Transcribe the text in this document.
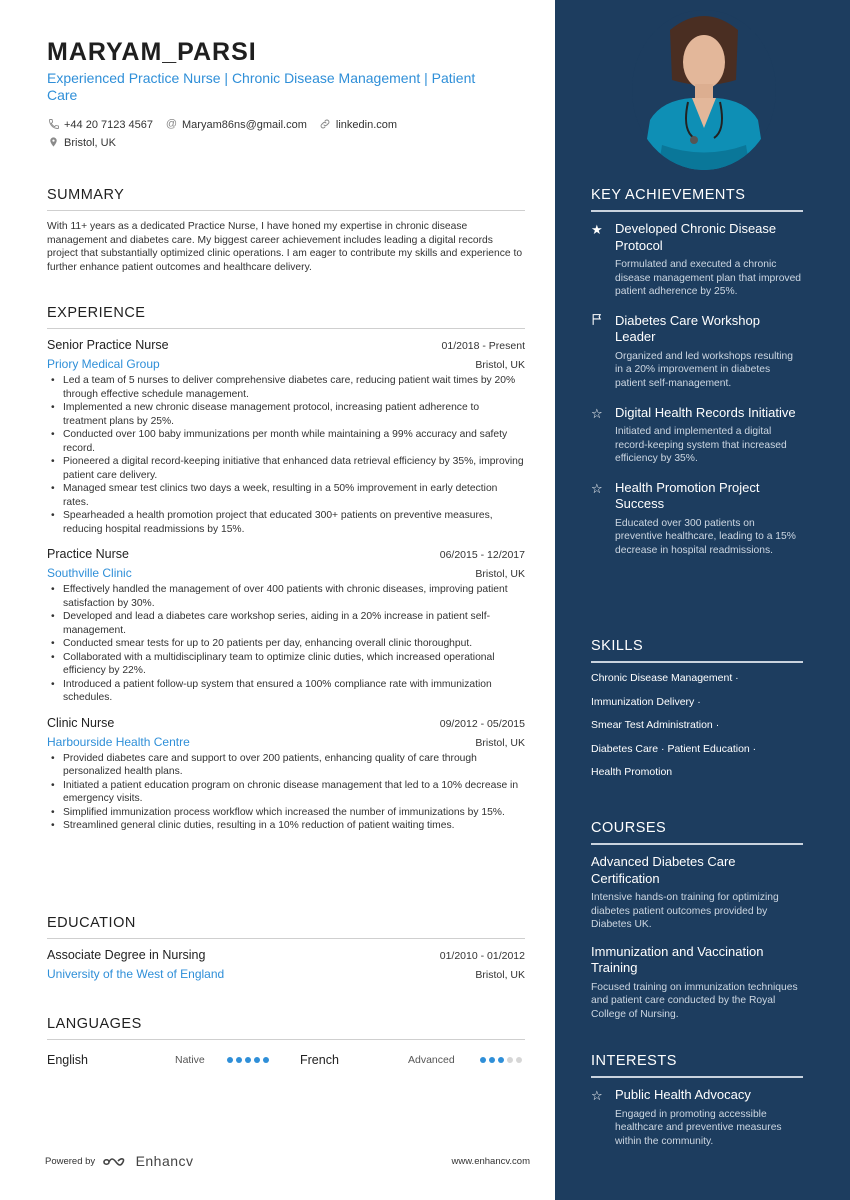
MARYAM_PARSI
Experienced Practice Nurse | Chronic Disease Management | Patient Care
+44 20 7123 4567 @ Maryam86ns@gmail.com	linkedin.com
Bristol, UK
SUMMARY
With 11+ years as a dedicated Practice Nurse, I have honed my expertise in chronic disease management and diabetes care. My biggest career achievement includes leading a digital records project that substantially optimized clinic operations. I am eager to contribute my skills and experience to further enhance patient outcomes and healthcare delivery.
EXPERIENCE
Senior Practice Nurse	01/2018 - Present
Priory Medical Group	Bristol, UK
• Led a team of 5 nurses to deliver comprehensive diabetes care, reducing patient wait times by 20% through effective schedule management.
• Implemented a new chronic disease management protocol, increasing patient adherence to treatment plans by 25%.
• Conducted over 100 baby immunizations per month while maintaining a 99% accuracy and safety record.
• Pioneered a digital record-keeping initiative that enhanced data retrieval efficiency by 35%, improving patient care delivery.
• Managed smear test clinics two days a week, resulting in a 50% improvement in early detection rates.
• Spearheaded a health promotion project that educated 300+ patients on preventive measures, reducing hospital readmissions by 15%.
Practice Nurse	06/2015 - 12/2017
Southville Clinic	Bristol, UK
• Effectively handled the management of over 400 patients with chronic diseases, improving patient satisfaction by 30%.
• Developed and lead a diabetes care workshop series, aiding in a 20% increase in patient self-management.
• Conducted smear tests for up to 20 patients per day, enhancing overall clinic thoroughput.
• Collaborated with a multidisciplinary team to optimize clinic duties, which increased operational efficiency by 22%.
• Introduced a patient follow-up system that ensured a 100% compliance rate with immunization schedules.
Clinic Nurse	09/2012 - 05/2015
Harbourside Health Centre	Bristol, UK
• Provided diabetes care and support to over 200 patients, enhancing quality of care through personalized health plans.
• Initiated a patient education program on chronic disease management that led to a 10% decrease in emergency visits.
• Simplified immunization process workflow which increased the number of immunizations by 15%.
• Streamlined general clinic duties, resulting in a 10% reduction of patient waiting times.
EDUCATION
Associate Degree in Nursing	01/2010 - 01/2012
University of the West of England	Bristol, UK
LANGUAGES
English	Native	French	Advanced
Powered by	Enhancv	www.enhancv.com
KEY ACHIEVEMENTS
★ Developed Chronic Disease Protocol
Formulated and executed a chronic disease management plan that improved patient adherence by 25%.
Diabetes Care Workshop Leader
Organized and led workshops resulting in a 20% improvement in diabetes patient self-management.
☆ Digital Health Records Initiative
Initiated and implemented a digital record-keeping system that increased efficiency by 35%.
☆ Health Promotion Project Success
Educated over 300 patients on preventive healthcare, leading to a 15% decrease in hospital readmissions.
SKILLS
Chronic Disease Management ·
Immunization Delivery ·
Smear Test Administration ·
Diabetes Care · Patient Education ·
Health Promotion
COURSES
Advanced Diabetes Care Certification
Intensive hands-on training for optimizing diabetes patient outcomes provided by Diabetes UK.
Immunization and Vaccination Training
Focused training on immunization techniques and patient care conducted by the Royal College of Nursing.
INTERESTS
☆ Public Health Advocacy
Engaged in promoting accessible healthcare and preventive measures within the community.
